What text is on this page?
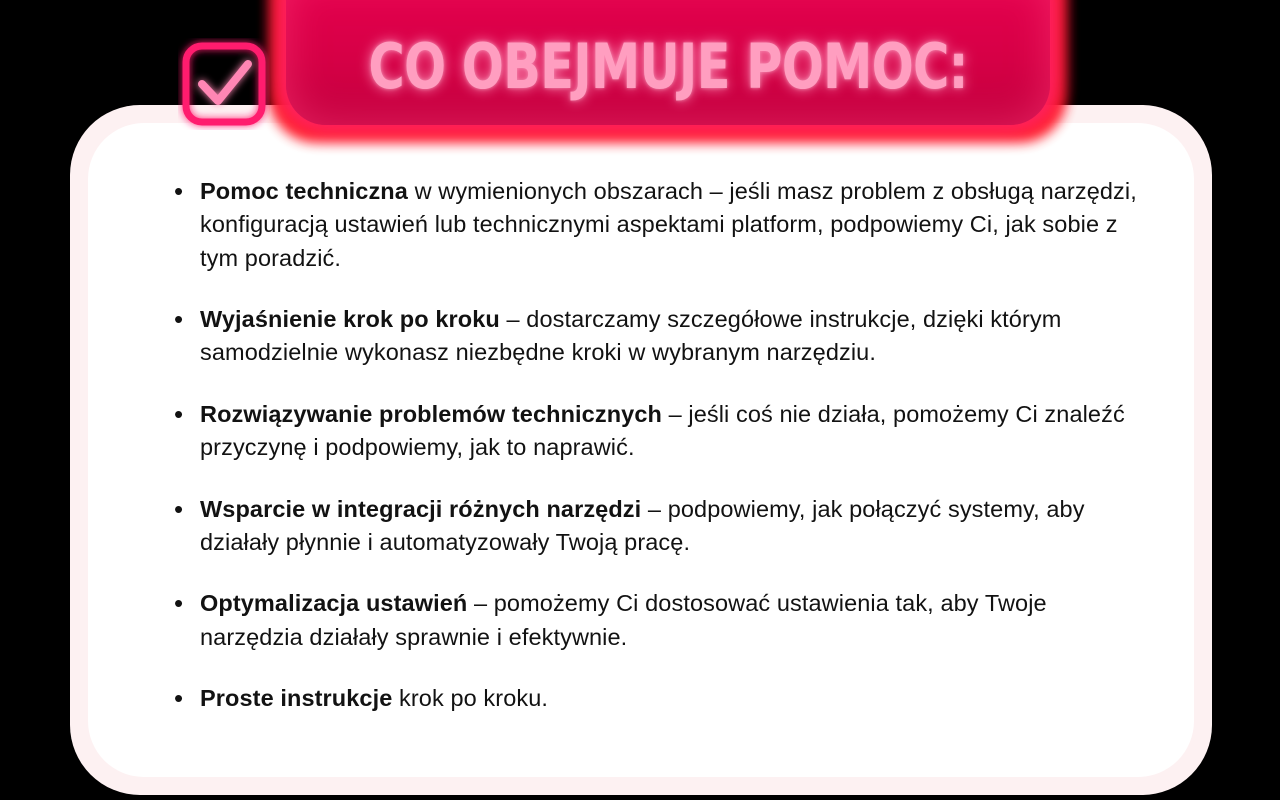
CO OBEJMUJE POMOC:
• Pomoc techniczna w wymienionych obszarach – jeśli masz problem z obsługą narzędzi, konfiguracją ustawień lub technicznymi aspektami platform, podpowiemy Ci, jak sobie z tym poradzić.
• Wyjaśnienie krok po kroku – dostarczamy szczegółowe instrukcje, dzięki którym samodzielnie wykonasz niezbędne kroki w wybranym narzędziu.
• Rozwiązywanie problemów technicznych – jeśli coś nie działa, pomożemy Ci znaleźć przyczynę i podpowiemy, jak to naprawić.
• Wsparcie w integracji różnych narzędzi – podpowiemy, jak połączyć systemy, aby działały płynnie i automatyzowały Twoją pracę.
• Optymalizacja ustawień – pomożemy Ci dostosować ustawienia tak, aby Twoje narzędzia działały sprawnie i efektywnie.
• Proste instrukcje krok po kroku.
